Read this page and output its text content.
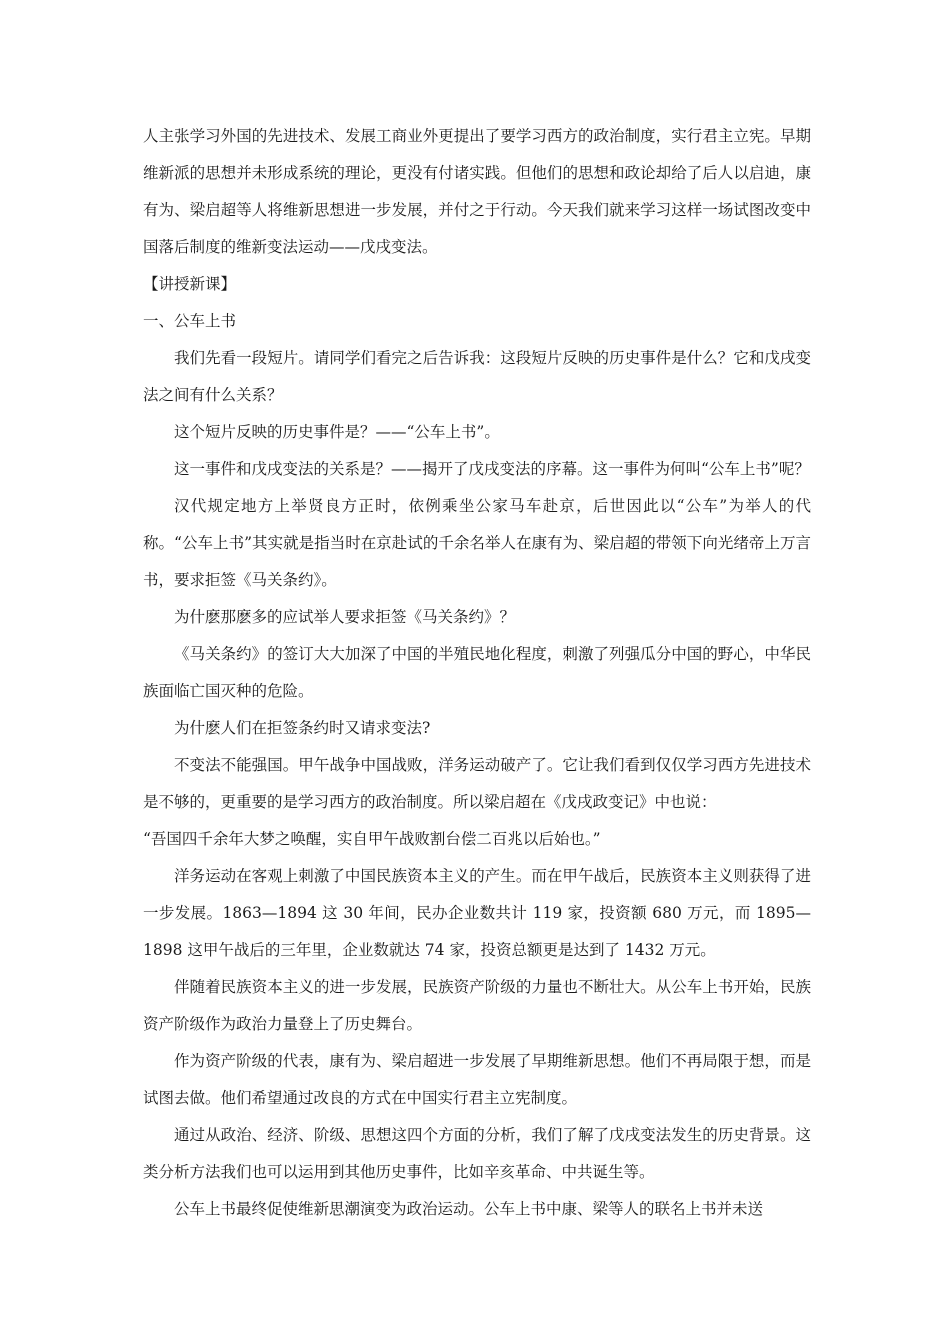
人主张学习外国的先进技术、发展工商业外更提出了要学习西方的政治制度，实行君主立宪。早期维新派的思想并未形成系统的理论，更没有付诸实践。但他们的思想和政论却给了后人以启迪，康有为、梁启超等人将维新思想进一步发展，并付之于行动。今天我们就来学习这样一场试图改变中国落后制度的维新变法运动——戊戌变法。

【讲授新课】

一、公车上书

我们先看一段短片。请同学们看完之后告诉我：这段短片反映的历史事件是什么？它和戊戌变法之间有什么关系？

这个短片反映的历史事件是？——“公车上书”。

这一事件和戊戌变法的关系是？——揭开了戊戌变法的序幕。这一事件为何叫“公车上书”呢？

汉代规定地方上举贤良方正时，依例乘坐公家马车赴京，后世因此以“公车”为举人的代称。“公车上书”其实就是指当时在京赴试的千余名举人在康有为、梁启超的带领下向光绪帝上万言书，要求拒签《马关条约》。

为什麽那麽多的应试举人要求拒签《马关条约》？

《马关条约》的签订大大加深了中国的半殖民地化程度，刺激了列强瓜分中国的野心，中华民族面临亡国灭种的危险。

为什麽人们在拒签条约时又请求变法?

不变法不能强国。甲午战争中国战败，洋务运动破产了。它让我们看到仅仅学习西方先进技术是不够的，更重要的是学习西方的政治制度。所以梁启超在《戊戌政变记》中也说：

“吾国四千余年大梦之唤醒，实自甲午战败割台偿二百兆以后始也。”

洋务运动在客观上刺激了中国民族资本主义的产生。而在甲午战后，民族资本主义则获得了进一步发展。1863—1894 这 30 年间，民办企业数共计 119 家，投资额 680 万元，而 1895—1898 这甲午战后的三年里，企业数就达 74 家，投资总额更是达到了 1432 万元。

伴随着民族资本主义的进一步发展，民族资产阶级的力量也不断壮大。从公车上书开始，民族资产阶级作为政治力量登上了历史舞台。

作为资产阶级的代表，康有为、梁启超进一步发展了早期维新思想。他们不再局限于想，而是试图去做。他们希望通过改良的方式在中国实行君主立宪制度。

通过从政治、经济、阶级、思想这四个方面的分析，我们了解了戊戌变法发生的历史背景。这类分析方法我们也可以运用到其他历史事件，比如辛亥革命、中共诞生等。

公车上书最终促使维新思潮演变为政治运动。公车上书中康、梁等人的联名上书并未送
